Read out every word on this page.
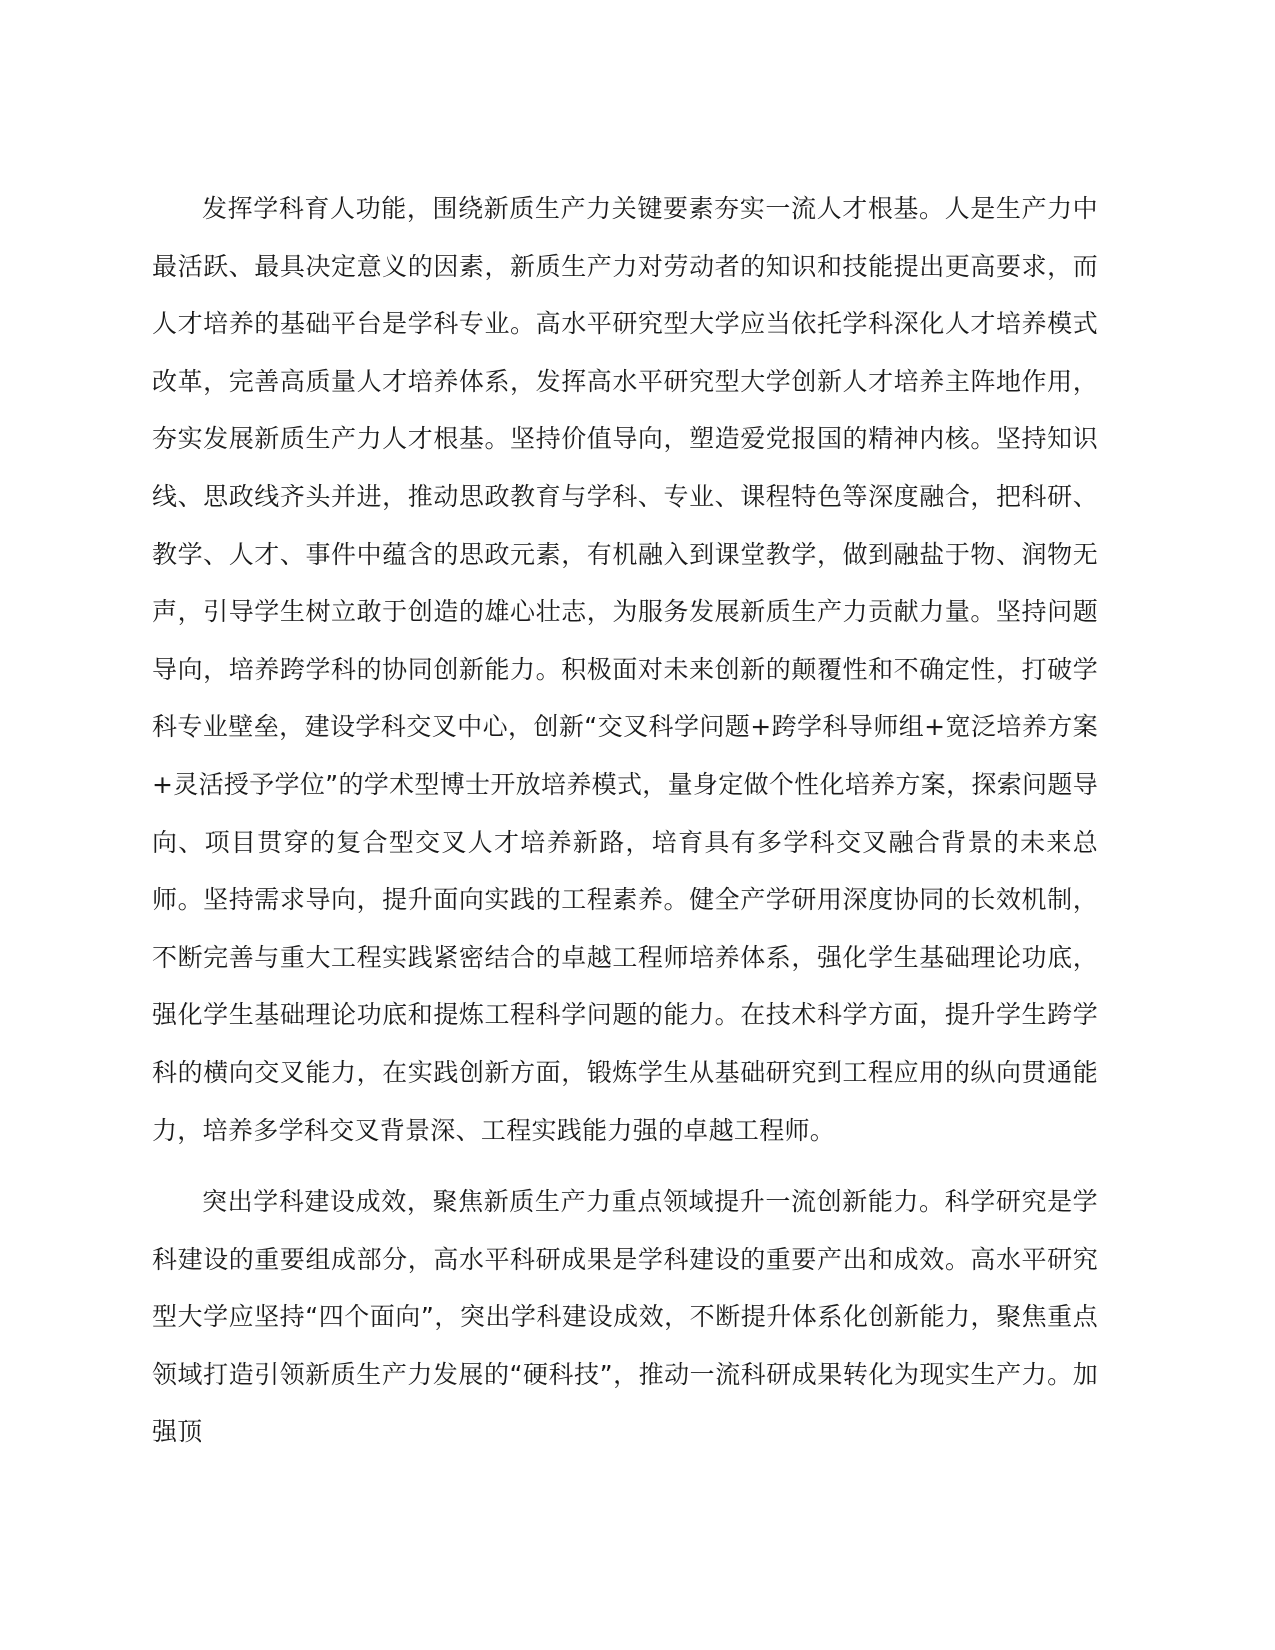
发挥学科育人功能，围绕新质生产力关键要素夯实一流人才根基。人是生产力中最活跃、最具决定意义的因素，新质生产力对劳动者的知识和技能提出更高要求，而人才培养的基础平台是学科专业。高水平研究型大学应当依托学科深化人才培养模式改革，完善高质量人才培养体系，发挥高水平研究型大学创新人才培养主阵地作用，夯实发展新质生产力人才根基。坚持价值导向，塑造爱党报国的精神内核。坚持知识线、思政线齐头并进，推动思政教育与学科、专业、课程特色等深度融合，把科研、教学、人才、事件中蕴含的思政元素，有机融入到课堂教学，做到融盐于物、润物无声，引导学生树立敢于创造的雄心壮志，为服务发展新质生产力贡献力量。坚持问题导向，培养跨学科的协同创新能力。积极面对未来创新的颠覆性和不确定性，打破学科专业壁垒，建设学科交叉中心，创新“交叉科学问题+跨学科导师组+宽泛培养方案+灵活授予学位”的学术型博士开放培养模式，量身定做个性化培养方案，探索问题导向、项目贯穿的复合型交叉人才培养新路，培育具有多学科交叉融合背景的未来总师。坚持需求导向，提升面向实践的工程素养。健全产学研用深度协同的长效机制，不断完善与重大工程实践紧密结合的卓越工程师培养体系，强化学生基础理论功底，强化学生基础理论功底和提炼工程科学问题的能力。在技术科学方面，提升学生跨学科的横向交叉能力，在实践创新方面，锻炼学生从基础研究到工程应用的纵向贯通能力，培养多学科交叉背景深、工程实践能力强的卓越工程师。

突出学科建设成效，聚焦新质生产力重点领域提升一流创新能力。科学研究是学科建设的重要组成部分，高水平科研成果是学科建设的重要产出和成效。高水平研究型大学应坚持“四个面向”，突出学科建设成效，不断提升体系化创新能力，聚焦重点领域打造引领新质生产力发展的“硬科技”，推动一流科研成果转化为现实生产力。加强顶
